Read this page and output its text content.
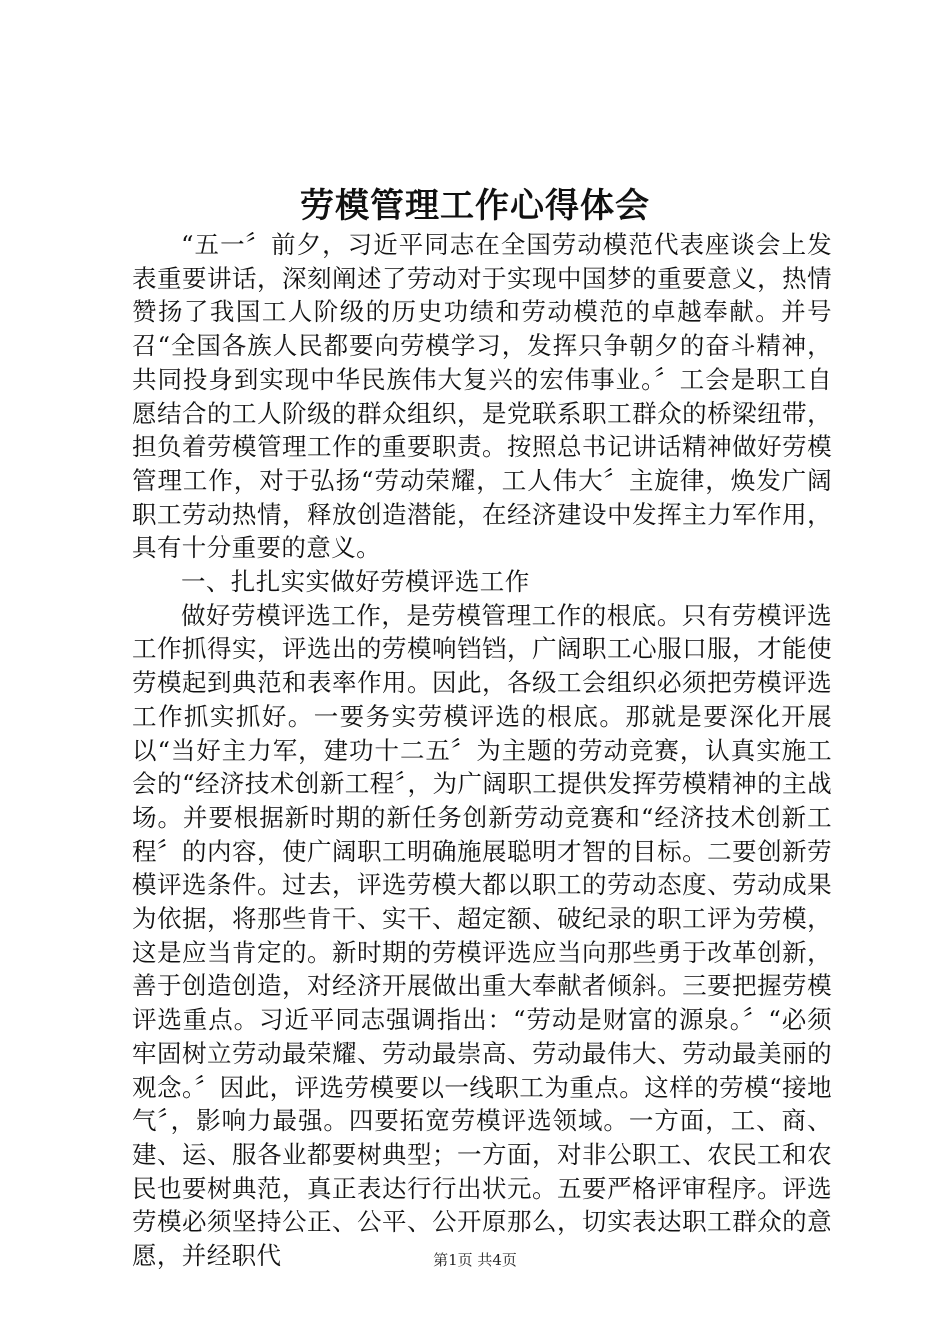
劳模管理工作心得体会

“五一〞前夕，习近平同志在全国劳动模范代表座谈会上发表重要讲话，深刻阐述了劳动对于实现中国梦的重要意义，热情赞扬了我国工人阶级的历史功绩和劳动模范的卓越奉献。并号召“全国各族人民都要向劳模学习，发挥只争朝夕的奋斗精神，共同投身到实现中华民族伟大复兴的宏伟事业。〞工会是职工自愿结合的工人阶级的群众组织，是党联系职工群众的桥梁纽带，担负着劳模管理工作的重要职责。按照总书记讲话精神做好劳模管理工作，对于弘扬“劳动荣耀，工人伟大〞主旋律，焕发广阔职工劳动热情，释放创造潜能，在经济建设中发挥主力军作用，具有十分重要的意义。

一、扎扎实实做好劳模评选工作

做好劳模评选工作，是劳模管理工作的根底。只有劳模评选工作抓得实，评选出的劳模响铛铛，广阔职工心服口服，才能使劳模起到典范和表率作用。因此，各级工会组织必须把劳模评选工作抓实抓好。一要务实劳模评选的根底。那就是要深化开展以“当好主力军，建功十二五〞为主题的劳动竞赛，认真实施工会的“经济技术创新工程〞，为广阔职工提供发挥劳模精神的主战场。并要根据新时期的新任务创新劳动竞赛和“经济技术创新工程〞的内容，使广阔职工明确施展聪明才智的目标。二要创新劳模评选条件。过去，评选劳模大都以职工的劳动态度、劳动成果为依据，将那些肯干、实干、超定额、破纪录的职工评为劳模，这是应当肯定的。新时期的劳模评选应当向那些勇于改革创新，善于创造创造，对经济开展做出重大奉献者倾斜。三要把握劳模评选重点。习近平同志强调指出：“劳动是财富的源泉。〞“必须牢固树立劳动最荣耀、劳动最崇高、劳动最伟大、劳动最美丽的观念。〞因此，评选劳模要以一线职工为重点。这样的劳模“接地气〞，影响力最强。四要拓宽劳模评选领域。一方面，工、商、建、运、服各业都要树典型；一方面，对非公职工、农民工和农民也要树典范，真正表达行行出状元。五要严格评审程序。评选劳模必须坚持公正、公平、公开原那么，切实表达职工群众的意愿，并经职代	第1页 共4页
